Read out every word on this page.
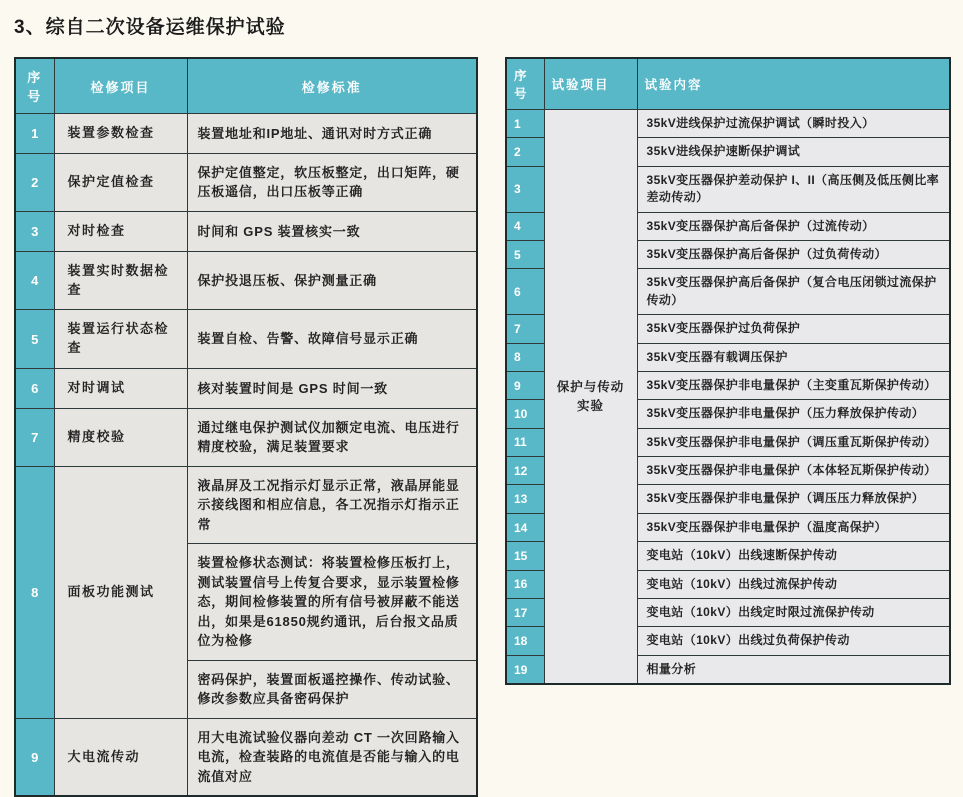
3、综自二次设备运维保护试验
序号	检修项目	检修标准
1	装置参数检查	装置地址和IP地址、通讯对时方式正确
2	保护定值检查	保护定值整定，软压板整定，出口矩阵，硬压板遥信，出口压板等正确
3	对时检查	时间和 GPS 装置核实一致
4	装置实时数据检查	保护投退压板、保护测量正确
5	装置运行状态检查	装置自检、告警、故障信号显示正确
6	对时调试	核对装置时间是 GPS 时间一致
7	精度校验	通过继电保护测试仪加额定电流、电压进行精度校验，满足装置要求
8	面板功能测试	液晶屏及工况指示灯显示正常，液晶屏能显示接线图和相应信息，各工况指示灯指示正常
		装置检修状态测试：将装置检修压板打上，测试装置信号上传复合要求，显示装置检修态，期间检修装置的所有信号被屏蔽不能送出，如果是61850规约通讯，后台报文品质位为检修
		密码保护，装置面板遥控操作、传动试验、修改参数应具备密码保护
9	大电流传动	用大电流试验仪器向差动 CT 一次回路输入电流，检查装路的电流值是否能与输入的电流值对应
序号	试验项目	试验内容
1	保护与传动实验	35kV进线保护过流保护调试（瞬时投入）
2		35kV进线保护速断保护调试
3		35kV变压器保护差动保护 I、II（高压侧及低压侧比率差动传动）
4		35kV变压器保护高后备保护（过流传动）
5		35kV变压器保护高后备保护（过负荷传动）
6		35kV变压器保护高后备保护（复合电压闭锁过流保护传动）
7		35kV变压器保护过负荷保护
8		35kV变压器有载调压保护
9		35kV变压器保护非电量保护（主变重瓦斯保护传动）
10		35kV变压器保护非电量保护（压力释放保护传动）
11		35kV变压器保护非电量保护（调压重瓦斯保护传动）
12		35kV变压器保护非电量保护（本体轻瓦斯保护传动）
13		35kV变压器保护非电量保护（调压压力释放保护）
14		35kV变压器保护非电量保护（温度高保护）
15		变电站（10kV）出线速断保护传动
16		变电站（10kV）出线过流保护传动
17		变电站（10kV）出线定时限过流保护传动
18		变电站（10kV）出线过负荷保护传动
19		相量分析
